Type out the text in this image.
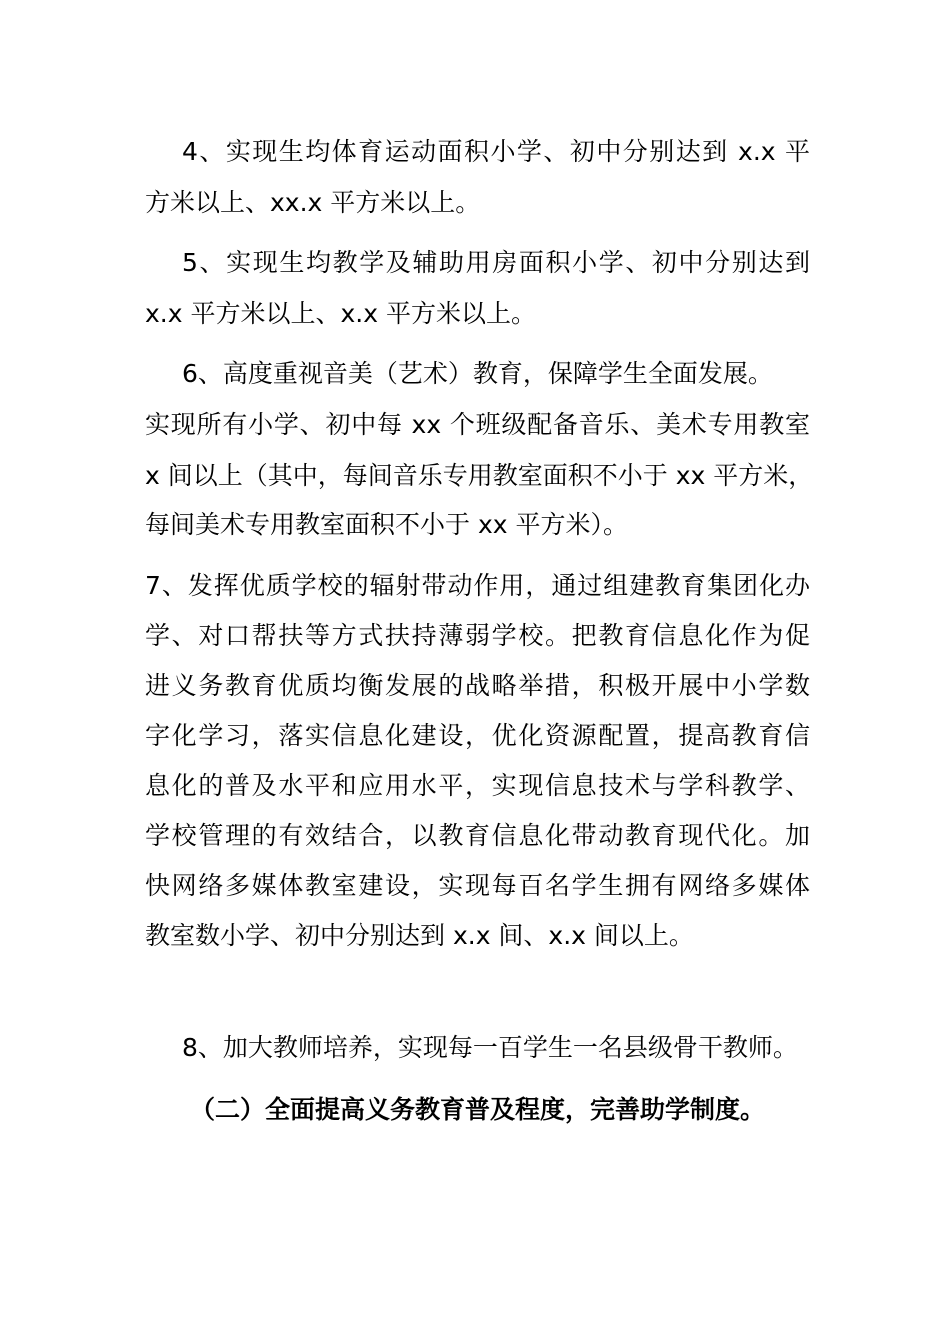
4、实现生均体育运动面积小学、初中分别达到 x.x 平
方米以上、xx.x 平方米以上。
5、实现生均教学及辅助用房面积小学、初中分别达到
x.x 平方米以上、x.x 平方米以上。
6、高度重视音美（艺术）教育，保障学生全面发展。
实现所有小学、初中每 xx 个班级配备音乐、美术专用教室
x 间以上（其中，每间音乐专用教室面积不小于 xx 平方米，
每间美术专用教室面积不小于 xx 平方米）。
7、发挥优质学校的辐射带动作用，通过组建教育集团化办
学、对口帮扶等方式扶持薄弱学校。把教育信息化作为促
进义务教育优质均衡发展的战略举措，积极开展中小学数
字化学习，落实信息化建设，优化资源配置，提高教育信
息化的普及水平和应用水平，实现信息技术与学科教学、
学校管理的有效结合，以教育信息化带动教育现代化。加
快网络多媒体教室建设，实现每百名学生拥有网络多媒体
教室数小学、初中分别达到 x.x 间、x.x 间以上。
8、加大教师培养，实现每一百学生一名县级骨干教师。
（二）全面提高义务教育普及程度，完善助学制度。
